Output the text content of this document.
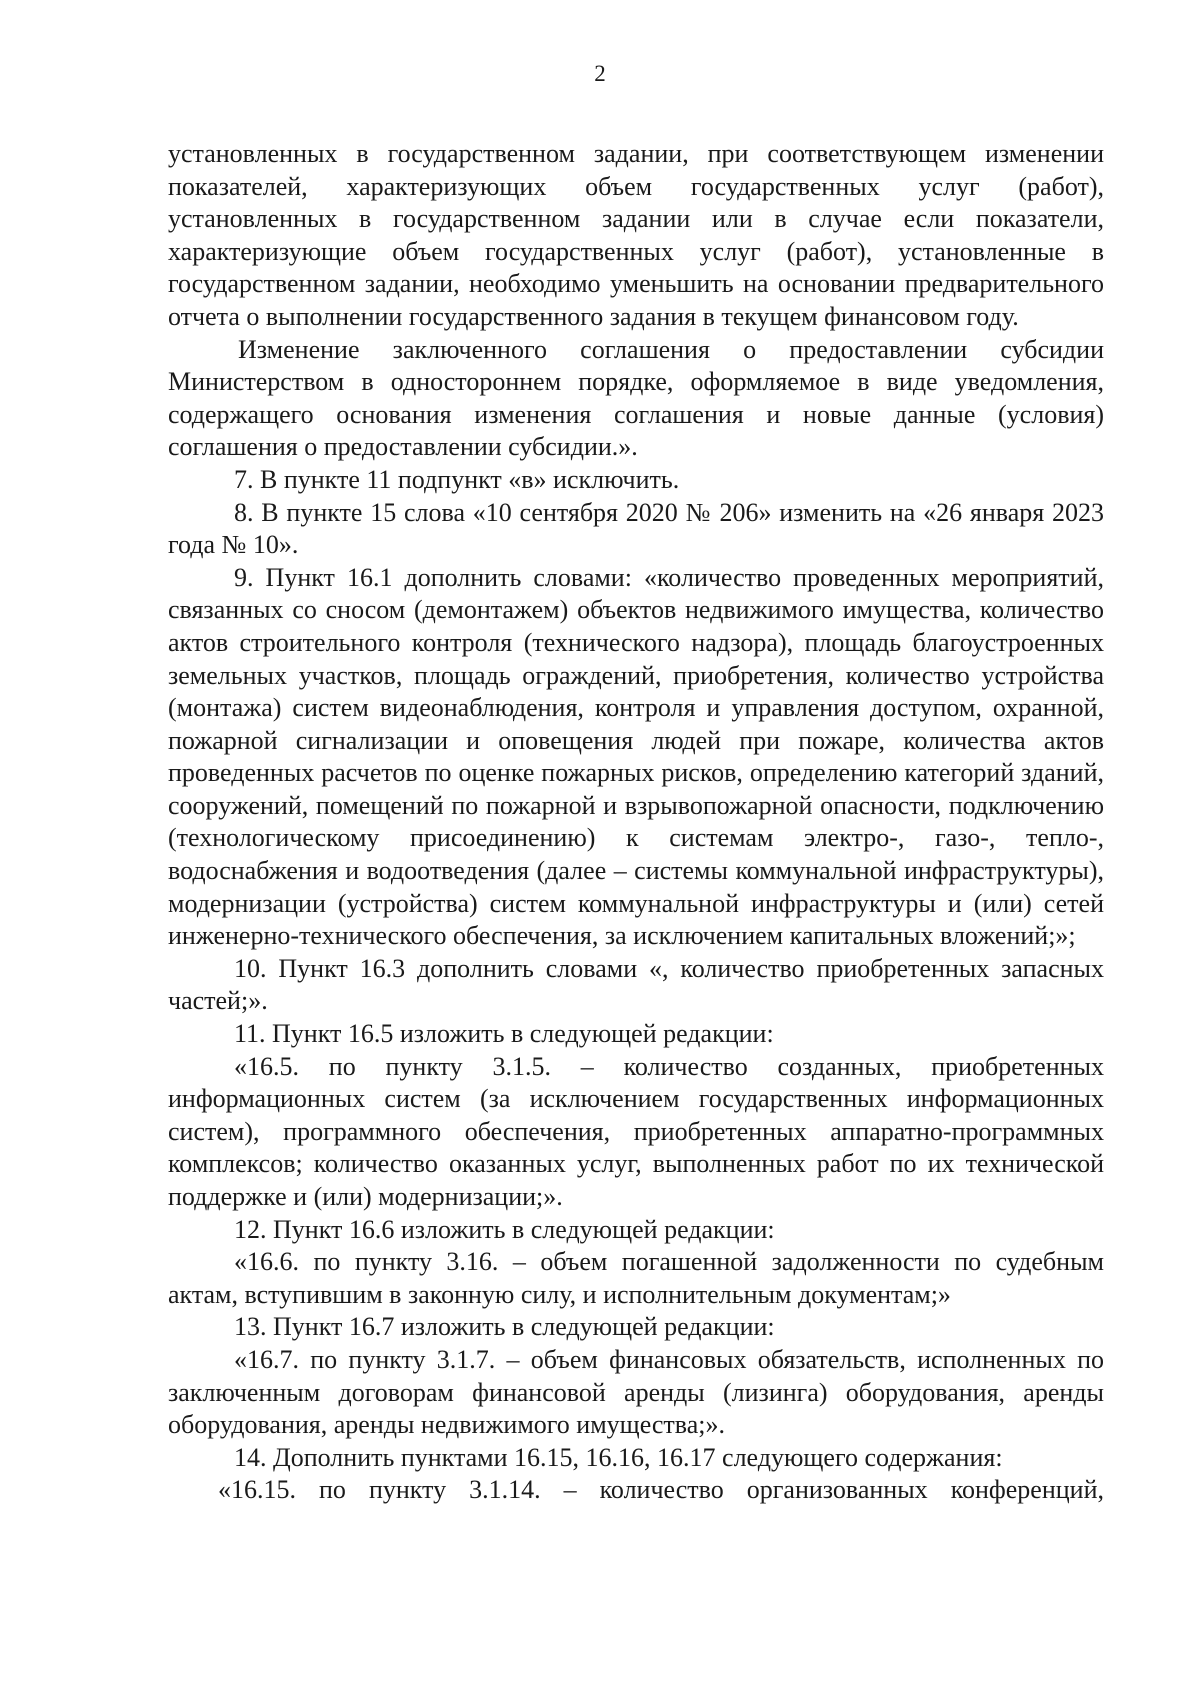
2

установленных в государственном задании, при соответствующем изменении показателей, характеризующих объем государственных услуг (работ), установленных в государственном задании или в случае если показатели, характеризующие объем государственных услуг (работ), установленные в государственном задании, необходимо уменьшить на основании предварительного отчета о выполнении государственного задания в текущем финансовом году.

Изменение заключенного соглашения о предоставлении субсидии Министерством в одностороннем порядке, оформляемое в виде уведомления, содержащего основания изменения соглашения и новые данные (условия) соглашения о предоставлении субсидии.».

7. В пункте 11 подпункт «в» исключить.

8. В пункте 15 слова «10 сентября 2020 № 206» изменить на «26 января 2023 года № 10».

9. Пункт 16.1 дополнить словами: «количество проведенных мероприятий, связанных со сносом (демонтажем) объектов недвижимого имущества, количество актов строительного контроля (технического надзора), площадь благоустроенных земельных участков, площадь ограждений, приобретения, количество устройства (монтажа) систем видеонаблюдения, контроля и управления доступом, охранной, пожарной сигнализации и оповещения людей при пожаре, количества актов проведенных расчетов по оценке пожарных рисков, определению категорий зданий, сооружений, помещений по пожарной и взрывопожарной опасности, подключению (технологическому присоединению) к системам электро-, газо-, тепло-, водоснабжения и водоотведения (далее – системы коммунальной инфраструктуры), модернизации (устройства) систем коммунальной инфраструктуры и (или) сетей инженерно-технического обеспечения, за исключением капитальных вложений;»;

10. Пункт 16.3 дополнить словами «, количество приобретенных запасных частей;».

11. Пункт 16.5 изложить в следующей редакции:

«16.5. по пункту 3.1.5. – количество созданных, приобретенных информационных систем (за исключением государственных информационных систем), программного обеспечения, приобретенных аппаратно-программных комплексов; количество оказанных услуг, выполненных работ по их технической поддержке и (или) модернизации;».

12. Пункт 16.6 изложить в следующей редакции:

«16.6. по пункту 3.16. – объем погашенной задолженности по судебным актам, вступившим в законную силу, и исполнительным документам;»

13. Пункт 16.7 изложить в следующей редакции:

«16.7. по пункту 3.1.7. – объем финансовых обязательств, исполненных по заключенным договорам финансовой аренды (лизинга) оборудования, аренды оборудования, аренды недвижимого имущества;».

14. Дополнить пунктами 16.15, 16.16, 16.17 следующего содержания:

«16.15. по пункту 3.1.14. – количество организованных конференций,
